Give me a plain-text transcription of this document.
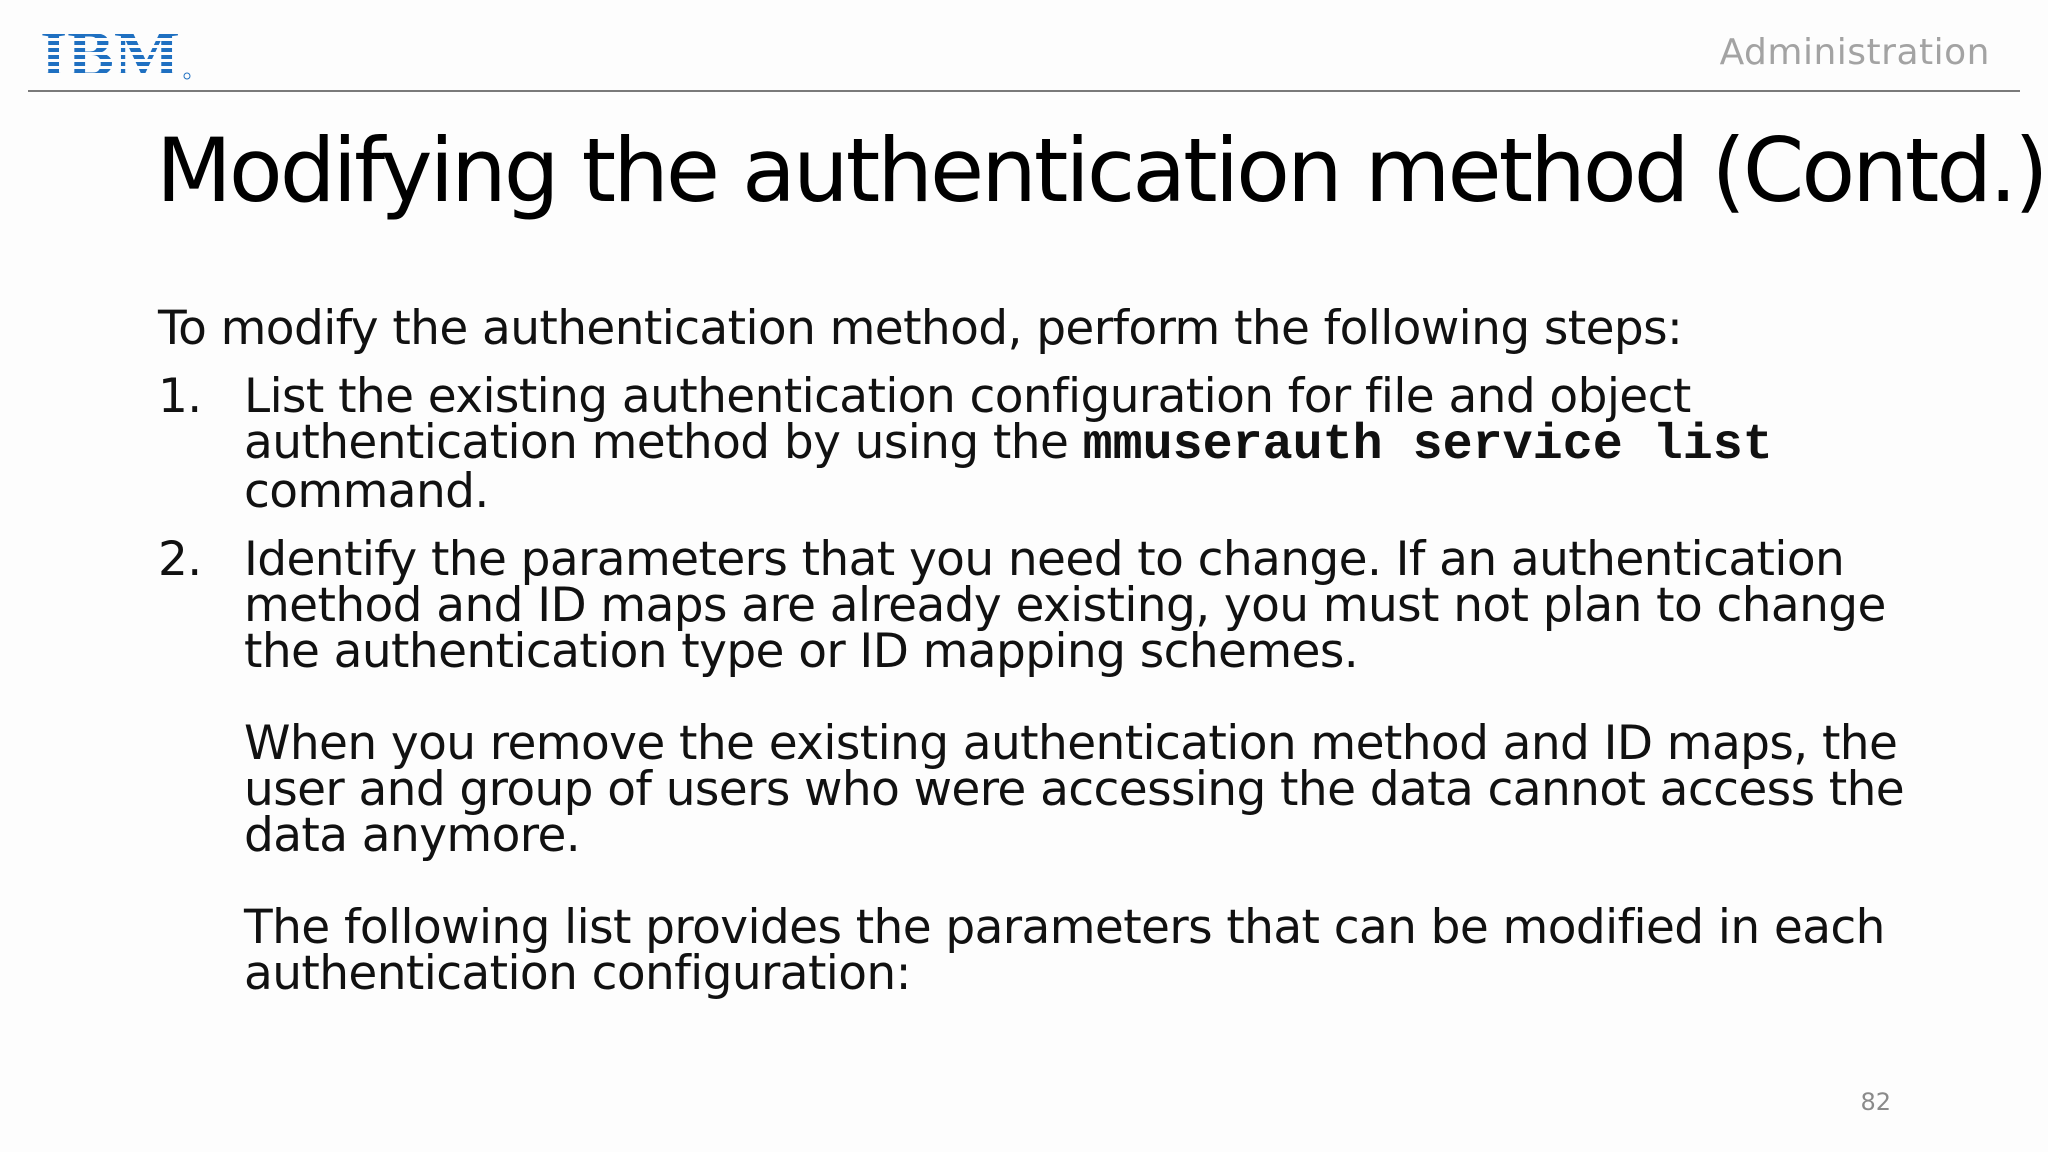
Administration
Modifying the authentication method (Contd.)

To modify the authentication method, perform the following steps:

1. List the existing authentication configuration for file and object authentication method by using the mmuserauth service list command.
2. Identify the parameters that you need to change. If an authentication method and ID maps are already existing, you must not plan to change the authentication type or ID mapping schemes.

When you remove the existing authentication method and ID maps, the user and group of users who were accessing the data cannot access the data anymore.

The following list provides the parameters that can be modified in each authentication configuration:

82
